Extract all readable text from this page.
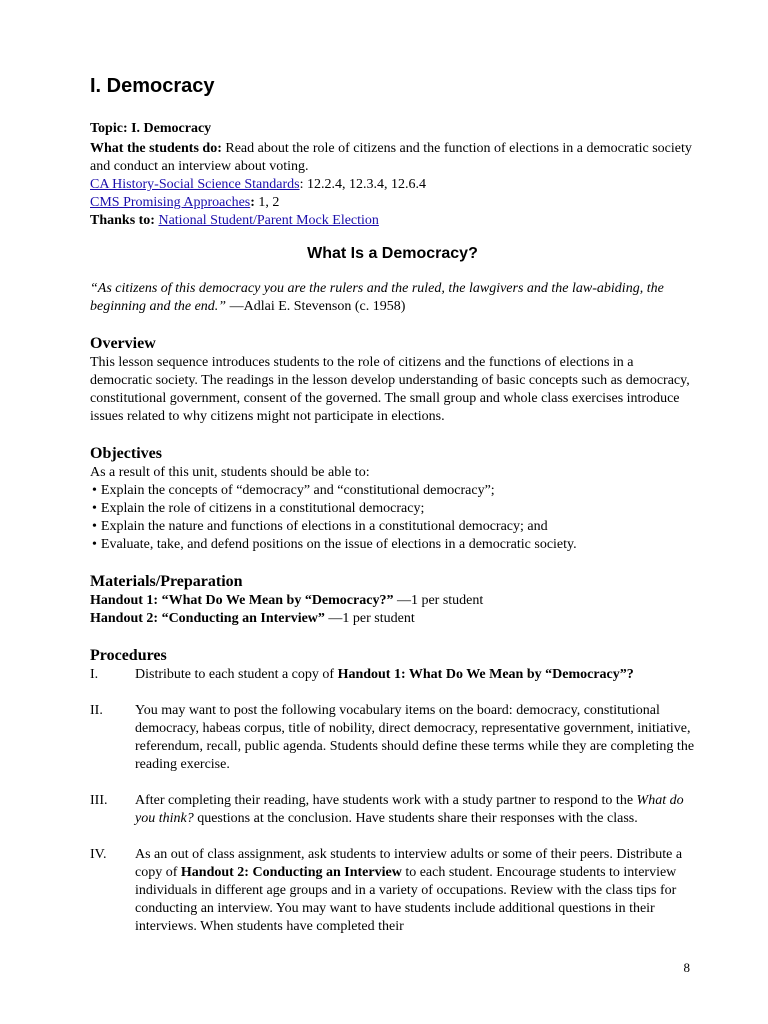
I. Democracy

Topic: I. Democracy

What the students do: Read about the role of citizens and the function of elections in a democratic society and conduct an interview about voting.

CA History-Social Science Standards: 12.2.4, 12.3.4, 12.6.4

CMS Promising Approaches: 1, 2

Thanks to: National Student/Parent Mock Election

What Is a Democracy?

“As citizens of this democracy you are the rulers and the ruled, the lawgivers and the law-abiding, the beginning and the end.” —Adlai E. Stevenson (c. 1958)

Overview

This lesson sequence introduces students to the role of citizens and the functions of elections in a democratic society. The readings in the lesson develop understanding of basic concepts such as democracy, constitutional government, consent of the governed. The small group and whole class exercises introduce issues related to why citizens might not participate in elections.

Objectives

As a result of this unit, students should be able to:

• Explain the concepts of “democracy” and “constitutional democracy”;
• Explain the role of citizens in a constitutional democracy;
• Explain the nature and functions of elections in a constitutional democracy; and
• Evaluate, take, and defend positions on the issue of elections in a democratic society.
Materials/Preparation

Handout 1: “What Do We Mean by “Democracy?” —1 per student

Handout 2: “Conducting an Interview” —1 per student

Procedures
I.	Distribute to each student a copy of Handout 1: What Do We Mean by “Democracy”?
II.	You may want to post the following vocabulary items on the board: democracy, constitutional democracy, habeas corpus, title of nobility, direct democracy, representative government, initiative, referendum, recall, public agenda. Students should define these terms while they are completing the reading exercise.
III.	After completing their reading, have students work with a study partner to respond to the What do you think? questions at the conclusion. Have students share their responses with the class.
IV.	As an out of class assignment, ask students to interview adults or some of their peers. Distribute a copy of Handout 2: Conducting an Interview to each student. Encourage students to interview individuals in different age groups and in a variety of occupations. Review with the class tips for conducting an interview. You may want to have students include additional questions in their interviews. When students have completed their
8
